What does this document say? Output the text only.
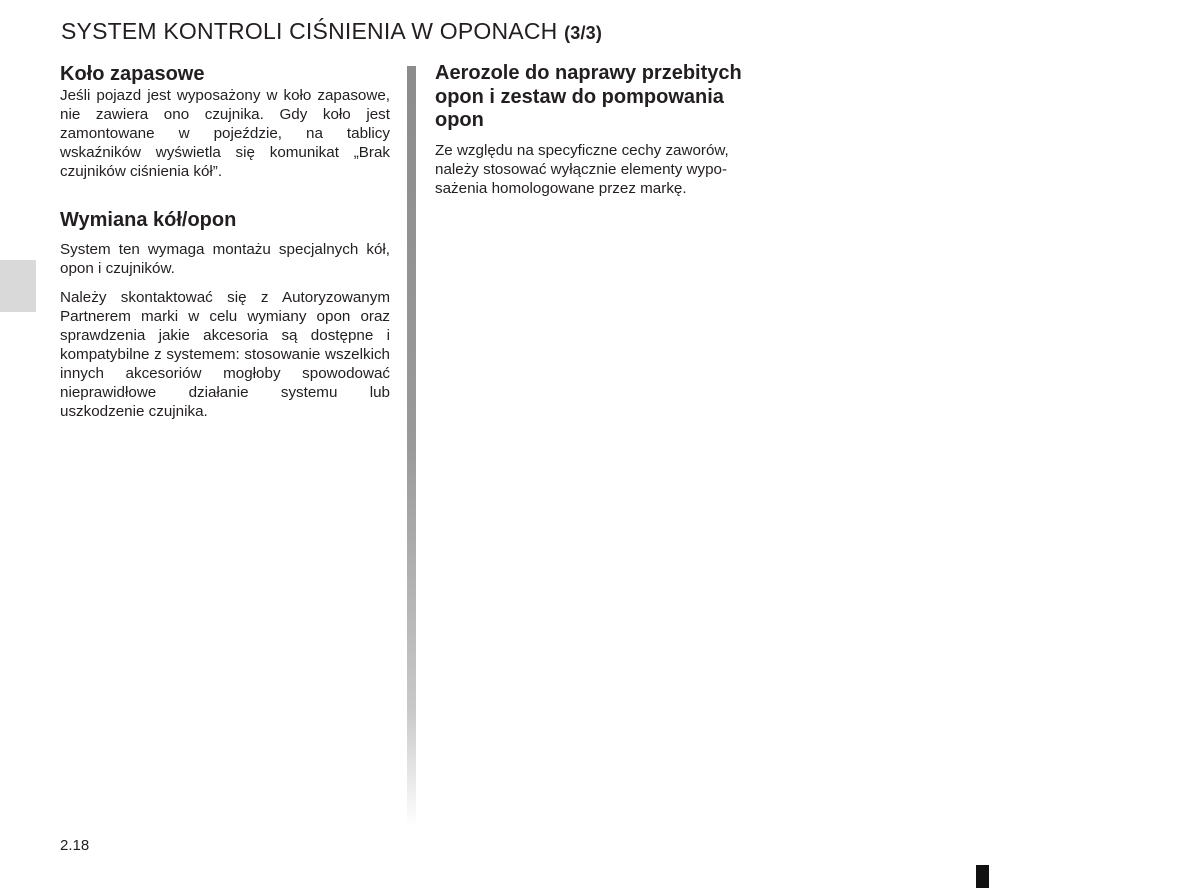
SYSTEM KONTROLI CIŚNIENIA W OPONACH (3/3)
Koło zapasowe

Jeśli pojazd jest wyposażony w koło zapasowe, nie zawiera ono czujnika. Gdy koło jest zamontowane w pojeździe, na tablicy wskaźników wyświetla się komunikat „Brak czujników ciśnienia kół”.

Wymiana kół/opon

System ten wymaga montażu specjalnych kół, opon i czujników.

Należy skontaktować się z Autoryzowanym Partnerem marki w celu wymiany opon oraz sprawdzenia jakie akcesoria są dostępne i kompatybilne z systemem: stosowanie wszelkich innych akcesoriów mogłoby spowodować nieprawidłowe działanie systemu lub uszkodzenie czujnika.

Aerozole do naprawy przebitych opon i zestaw do pompowania opon

Ze względu na specyficzne cechy zaworów, należy stosować wyłącznie elementy wyposażenia homologowane przez markę.

2.18
